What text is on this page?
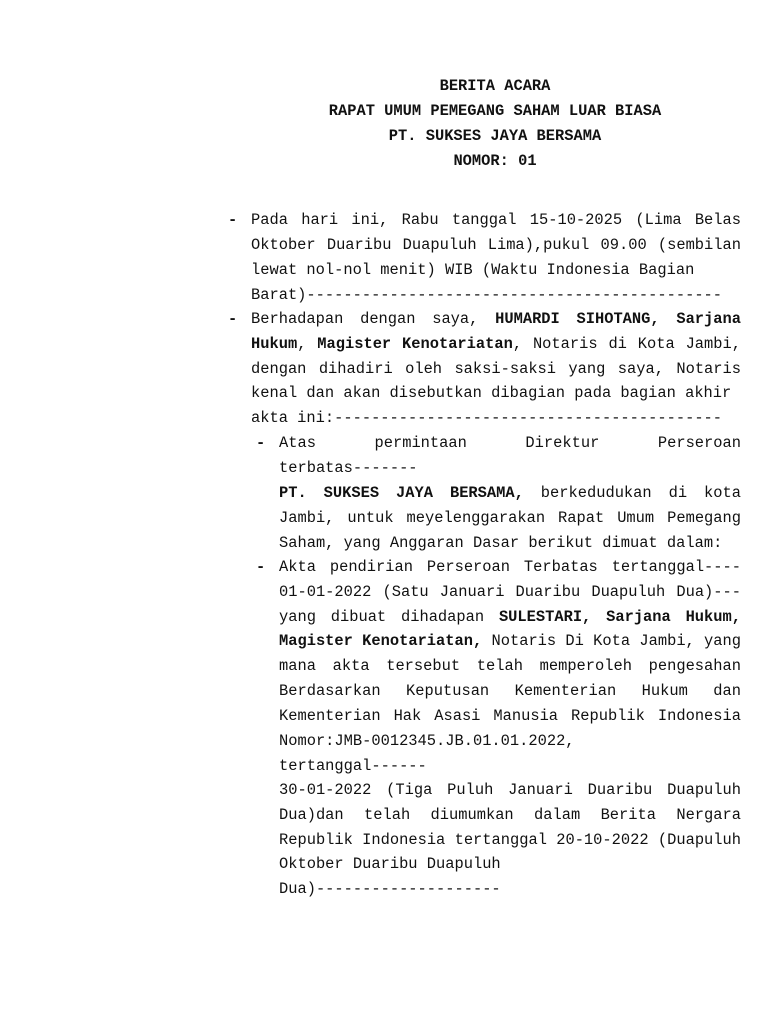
BERITA ACARA
RAPAT UMUM PEMEGANG SAHAM LUAR BIASA
PT. SUKSES JAYA BERSAMA
NOMOR: 01
- Pada hari ini, Rabu tanggal 15-10-2025 (Lima Belas Oktober Duaribu Duapuluh Lima),pukul 09.00 (sembilan lewat nol-nol menit) WIB (Waktu Indonesia Bagian
Barat)---------------------------------------------
- Berhadapan dengan saya, HUMARDI SIHOTANG, Sarjana Hukum, Magister Kenotariatan, Notaris di Kota Jambi, dengan dihadiri oleh saksi-saksi yang saya, Notaris kenal dan akan disebutkan dibagian pada bagian akhir
akta ini:------------------------------------------
- Atas permintaan Direktur Perseroan
terbatas-------
PT. SUKSES JAYA BERSAMA, berkedudukan di kota Jambi, untuk meyelenggarakan Rapat Umum Pemegang Saham, yang Anggaran Dasar berikut dimuat dalam:
- Akta pendirian Perseroan Terbatas tertanggal---- 01-01-2022 (Satu Januari Duaribu Duapuluh Dua)--- yang dibuat dihadapan SULESTARI, Sarjana Hukum, Magister Kenotariatan, Notaris Di Kota Jambi, yang mana akta tersebut telah memperoleh pengesahan Berdasarkan Keputusan Kementerian Hukum dan Kementerian Hak Asasi Manusia Republik Indonesia Nomor:JMB-0012345.JB.01.01.2022,
tertanggal------
30-01-2022 (Tiga Puluh Januari Duaribu Duapuluh Dua)dan telah diumumkan dalam Berita Nergara Republik Indonesia tertanggal 20-10-2022 (Duapuluh Oktober Duaribu Duapuluh
Dua)--------------------
